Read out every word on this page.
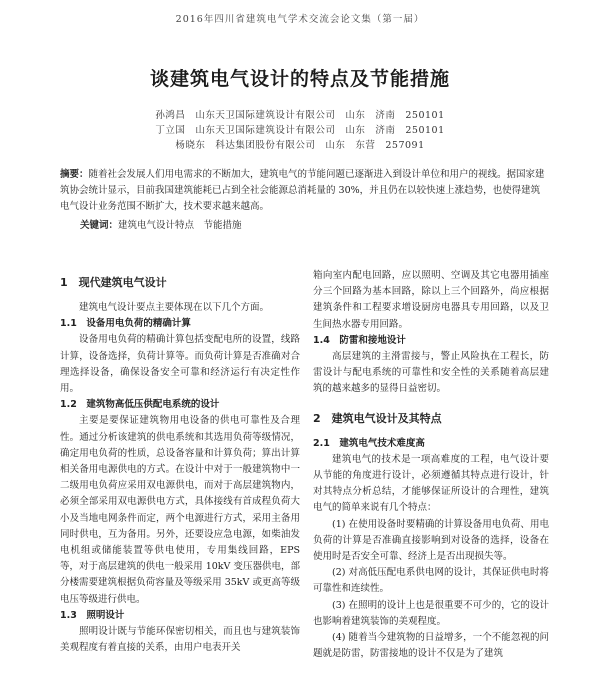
2016年四川省建筑电气学术交流会论文集（第一届）
谈建筑电气设计的特点及节能措施
孙鸿昌　山东天卫国际建筑设计有限公司　山东　济南　250101
丁立国　山东天卫国际建筑设计有限公司　山东　济南　250101
杨晓东　科达集团股份有限公司　山东　东营　257091
摘要：随着社会发展人们用电需求的不断加大，建筑电气的节能问题已逐渐进入到设计单位和用户的视线。据国家建筑协会统计显示，目前我国建筑能耗已占到全社会能源总消耗量的 30%，并且仍在以较快速上涨趋势，也使得建筑电气设计业务范围不断扩大，技术要求越来越高。
关键词：建筑电气设计特点　节能措施
1　现代建筑电气设计

建筑电气设计要点主要体现在以下几个方面。

1.1　设备用电负荷的精确计算

设备用电负荷的精确计算包括变配电所的设置，线路计算，设备选择，负荷计算等。而负荷计算是否准确对合理选择设备，确保设备安全可靠和经济运行有决定性作用。

1.2　建筑物高低压供配电系统的设计

主要是要保证建筑物用电设备的供电可靠性及合理性。通过分析该建筑的供电系统和其选用负荷等级情况，确定用电负荷的性质，总设备容量和计算负荷；算出计算相关备用电源供电的方式。在设计中对于一般建筑物中一二级用电负荷应采用双电源供电，而对于高层建筑物内，必须全部采用双电源供电方式，具体接线有首成程负荷大小及当地电网条件而定，两个电源进行方式，采用主备用同时供电，互为备用。另外，还要设应急电源，如柴油发电机组或储能装置等供电使用，专用集线回路，EPS 等，对于高层建筑的供电一般采用 10kV 变压器供电，部分楼需要建筑根据负荷容量及等级采用 35kV 或更高等级电压等级进行供电。

1.3　照明设计

照明设计既与节能环保密切相关，而且也与建筑装饰美观程度有着直接的关系，由用户电表开关

箱向室内配电回路，应以照明、空调及其它电器用插座分三个回路为基本回路，除以上三个回路外，尚应根据建筑条件和工程要求增设厨房电器具专用回路，以及卫生间热水器专用回路。

1.4　防雷和接地设计

高层建筑的主滑雷接与，警止风险执在工程长，防雷设计与配电系统的可靠性和安全性的关系随着高层建筑的越来越多的显得日益密切。

2　建筑电气设计及其特点
2.1　建筑电气技术难度高

建筑电气的技术是一项高难度的工程，电气设计要从节能的角度进行设计，必须遵循其特点进行设计，针对其特点分析总结，才能够保证所设计的合理性，建筑电气的简单来说有几个特点：

(1) 在使用设备时要精确的计算设备用电负荷、用电负荷的计算是否准确直接影响到对设备的选择，设备在使用时是否安全可靠、经济上是否出现损失等。

(2) 对高低压配电系供电网的设计，其保证供电时将可靠性和连续性。

(3) 在照明的设计上也是很重要不可少的，它的设计也影响着建筑装饰的美观程度。

(4) 随着当今建筑物的日益增多，一个不能忽视的问题就是防雷，防雷接地的设计不仅是为了建筑
